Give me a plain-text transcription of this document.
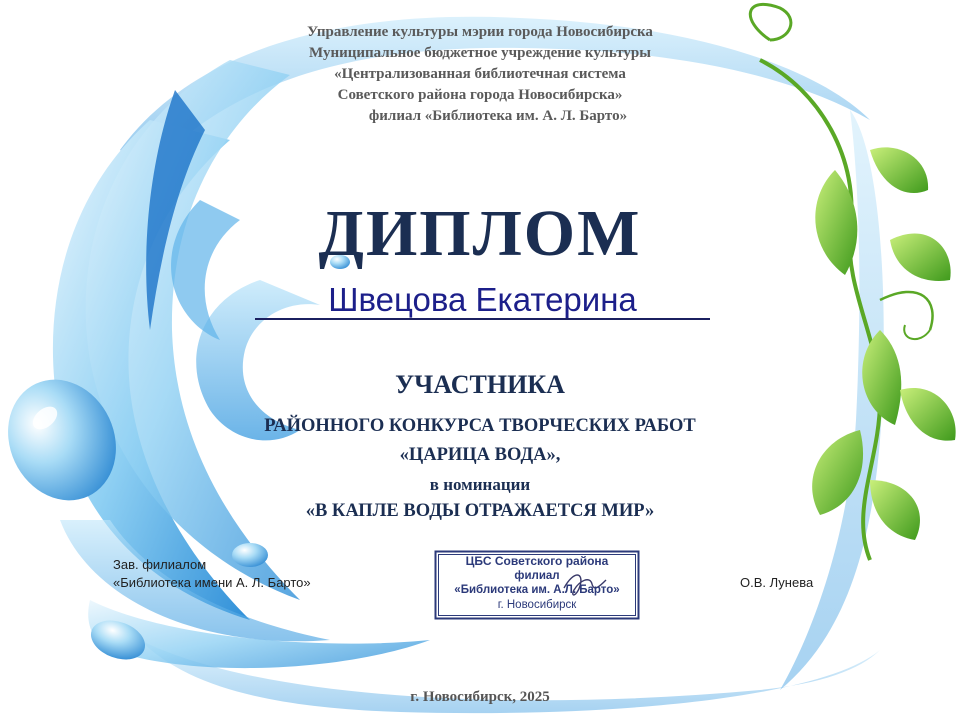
Управление культуры мэрии города Новосибирска
Муниципальное бюджетное учреждение культуры
«Централизованная библиотечная система
Советского района города Новосибирска»
филиал «Библиотека им. А. Л. Барто»
ДИПЛОМ
Швецова Екатерина
УЧАСТНИКА
РАЙОННОГО КОНКУРСА ТВОРЧЕСКИХ РАБОТ
«ЦАРИЦА ВОДА»,
в номинации
«В КАПЛЕ ВОДЫ ОТРАЖАЕТСЯ МИР»
Зав. филиалом
«Библиотека имени А. Л. Барто»
ЦБС Советского района
филиал
«Библиотека им. А.Л. Барто»
г. Новосибирск
О.В. Лунева
г. Новосибирск, 2025
